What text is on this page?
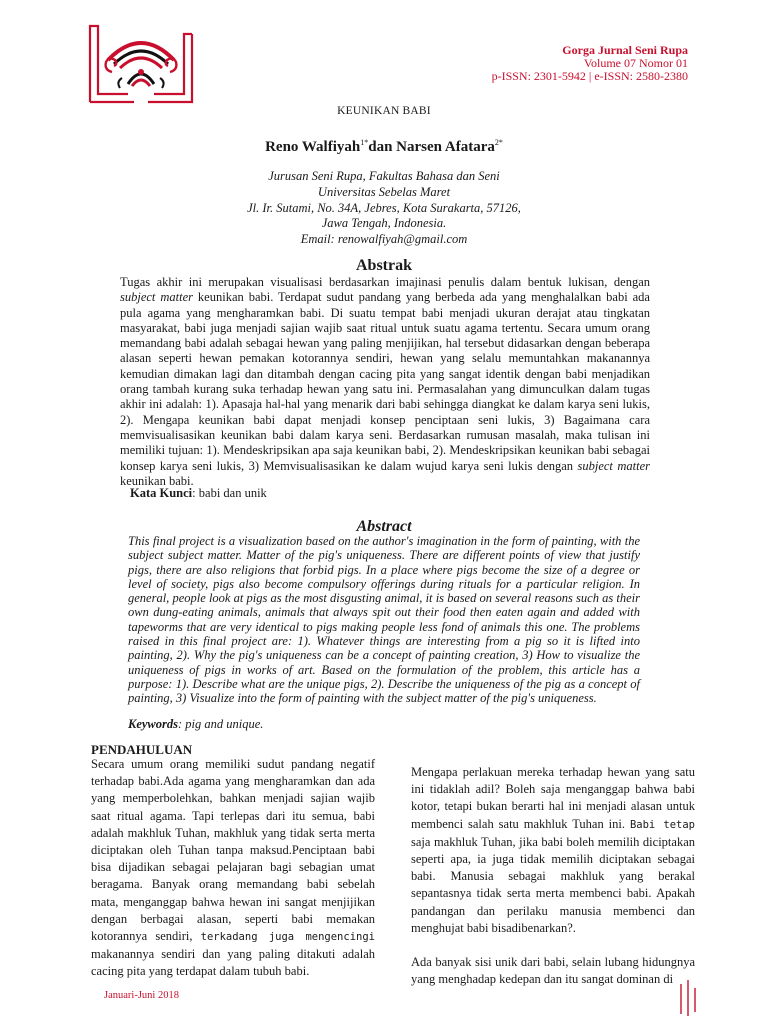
Gorga Jurnal Seni Rupa
Volume 07 Nomor 01
p-ISSN: 2301-5942 | e-ISSN: 2580-2380
KEUNIKAN BABI
Reno Walfiyah$^{1*}$dan Narsen Afatara$^{2*}$
Jurusan Seni Rupa, Fakultas Bahasa dan Seni
Universitas Sebelas Maret
Jl. Ir. Sutami, No. 34A, Jebres, Kota Surakarta, 57126,
Jawa Tengah, Indonesia.
Email: renowalfiyah@gmail.com
Abstrak

Tugas akhir ini merupakan visualisasi berdasarkan imajinasi penulis dalam bentuk lukisan, dengan subject matter keunikan babi. Terdapat sudut pandang yang berbeda ada yang menghalalkan babi ada pula agama yang mengharamkan babi. Di suatu tempat babi menjadi ukuran derajat atau tingkatan masyarakat, babi juga menjadi sajian wajib saat ritual untuk suatu agama tertentu. Secara umum orang memandang babi adalah sebagai hewan yang paling menjijikan, hal tersebut didasarkan dengan beberapa alasan seperti hewan pemakan kotorannya sendiri, hewan yang selalu memuntahkan makanannya kemudian dimakan lagi dan ditambah dengan cacing pita yang sangat identik dengan babi menjadikan orang tambah kurang suka terhadap hewan yang satu ini. Permasalahan yang dimunculkan dalam tugas akhir ini adalah: 1). Apasaja hal-hal yang menarik dari babi sehingga diangkat ke dalam karya seni lukis, 2). Mengapa keunikan babi dapat menjadi konsep penciptaan seni lukis, 3) Bagaimana cara memvisualisasikan keunikan babi dalam karya seni. Berdasarkan rumusan masalah, maka tulisan ini memiliki tujuan: 1). Mendeskripsikan apa saja keunikan babi, 2). Mendeskripsikan keunikan babi sebagai konsep karya seni lukis, 3) Memvisualisasikan ke dalam wujud karya seni lukis dengan subject matter keunikan babi.

Kata Kunci: babi dan unik
Abstract

This final project is a visualization based on the author's imagination in the form of painting, with the subject subject matter. Matter of the pig's uniqueness. There are different points of view that justify pigs, there are also religions that forbid pigs. In a place where pigs become the size of a degree or level of society, pigs also become compulsory offerings during rituals for a particular religion. In general, people look at pigs as the most disgusting animal, it is based on several reasons such as their own dung-eating animals, animals that always spit out their food then eaten again and added with tapeworms that are very identical to pigs making people less fond of animals this one. The problems raised in this final project are: 1). Whatever things are interesting from a pig so it is lifted into painting, 2). Why the pig's uniqueness can be a concept of painting creation, 3) How to visualize the uniqueness of pigs in works of art. Based on the formulation of the problem, this article has a purpose: 1). Describe what are the unique pigs, 2). Describe the uniqueness of the pig as a concept of painting, 3) Visualize into the form of painting with the subject matter of the pig's uniqueness.

Keywords: pig and unique.
PENDAHULUAN

Secara umum orang memiliki sudut pandang negatif terhadap babi.Ada agama yang mengharamkan dan ada yang memperbolehkan, bahkan menjadi sajian wajib saat ritual agama. Tapi terlepas dari itu semua, babi adalah makhluk Tuhan, makhluk yang tidak serta merta diciptakan oleh Tuhan tanpa maksud.Penciptaan babi bisa dijadikan sebagai pelajaran bagi sebagian umat beragama. Banyak orang memandang babi sebelah mata, menganggap bahwa hewan ini sangat menjijikan dengan berbagai alasan, seperti babi memakan kotorannya sendiri, terkadang juga mengencingi makanannya sendiri dan yang paling ditakuti adalah cacing pita yang terdapat dalam tubuh babi.

Mengapa perlakuan mereka terhadap hewan yang satu ini tidaklah adil? Boleh saja menganggap bahwa babi kotor, tetapi bukan berarti hal ini menjadi alasan untuk membenci salah satu makhluk Tuhan ini. Babi tetap saja makhluk Tuhan, jika babi boleh memilih diciptakan seperti apa, ia juga tidak memilih diciptakan sebagai babi. Manusia sebagai makhluk yang berakal sepantasnya tidak serta merta membenci babi. Apakah pandangan dan perilaku manusia membenci dan menghujat babi bisadibenarkan?.

Ada banyak sisi unik dari babi, selain lubang hidungnya yang menghadap kedepan dan itu sangat dominan di

Januari-Juni 2018
